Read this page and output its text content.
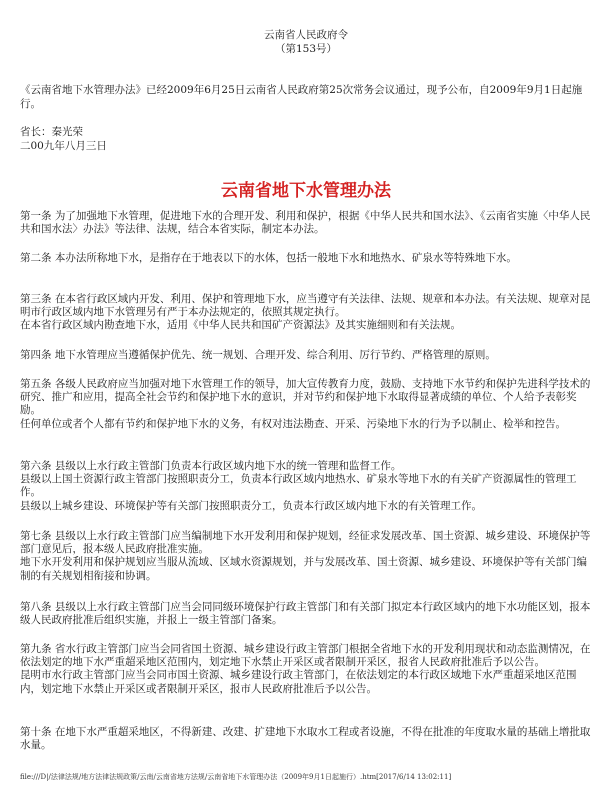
云南省人民政府令
（第153号）
《云南省地下水管理办法》已经2009年6月25日云南省人民政府第25次常务会议通过，现予公布，自2009年9月1日起施行。
省长：秦光荣
二00九年八月三日
云南省地下水管理办法

第一条 为了加强地下水管理，促进地下水的合理开发、利用和保护，根据《中华人民共和国水法》、《云南省实施〈中华人民共和国水法〉办法》等法律、法规，结合本省实际，制定本办法。

第二条 本办法所称地下水，是指存在于地表以下的水体，包括一般地下水和地热水、矿泉水等特殊地下水。

第三条 在本省行政区域内开发、利用、保护和管理地下水，应当遵守有关法律、法规、规章和本办法。有关法规、规章对昆明市行政区域内地下水管理另有严于本办法规定的，依照其规定执行。

在本省行政区域内勘查地下水，适用《中华人民共和国矿产资源法》及其实施细则和有关法规。

第四条 地下水管理应当遵循保护优先、统一规划、合理开发、综合利用、厉行节约、严格管理的原则。

第五条 各级人民政府应当加强对地下水管理工作的领导，加大宣传教育力度，鼓励、支持地下水节约和保护先进科学技术的研究、推广和应用，提高全社会节约和保护地下水的意识，并对节约和保护地下水取得显著成绩的单位、个人给予表彰奖励。

任何单位或者个人都有节约和保护地下水的义务，有权对违法勘查、开采、污染地下水的行为予以制止、检举和控告。

第六条 县级以上水行政主管部门负责本行政区域内地下水的统一管理和监督工作。

县级以上国土资源行政主管部门按照职责分工，负责本行政区域内地热水、矿泉水等地下水的有关矿产资源属性的管理工作。

县级以上城乡建设、环境保护等有关部门按照职责分工，负责本行政区域内地下水的有关管理工作。

第七条 县级以上水行政主管部门应当编制地下水开发利用和保护规划，经征求发展改革、国土资源、城乡建设、环境保护等部门意见后，报本级人民政府批准实施。

地下水开发利用和保护规划应当服从流域、区域水资源规划，并与发展改革、国土资源、城乡建设、环境保护等有关部门编制的有关规划相衔接和协调。

第八条 县级以上水行政主管部门应当会同同级环境保护行政主管部门和有关部门拟定本行政区域内的地下水功能区划，报本级人民政府批准后组织实施，并报上一级主管部门备案。

第九条 省水行政主管部门应当会同省国土资源、城乡建设行政主管部门根据全省地下水的开发利用现状和动态监测情况，在依法划定的地下水严重超采地区范围内，划定地下水禁止开采区或者限制开采区，报省人民政府批准后予以公告。

昆明市水行政主管部门应当会同市国土资源、城乡建设行政主管部门，在依法划定的本行政区域地下水严重超采地区范围内，划定地下水禁止开采区或者限制开采区，报市人民政府批准后予以公告。

第十条 在地下水严重超采地区，不得新建、改建、扩建地下水取水工程或者设施，不得在批准的年度取水量的基础上增批取水量。

file:///D|/法律法规/地方法律法规政策/云南/云南省地方法规/云南省地下水管理办法（2009年9月1日起施行）.htm[2017/6/14 13:02:11]
